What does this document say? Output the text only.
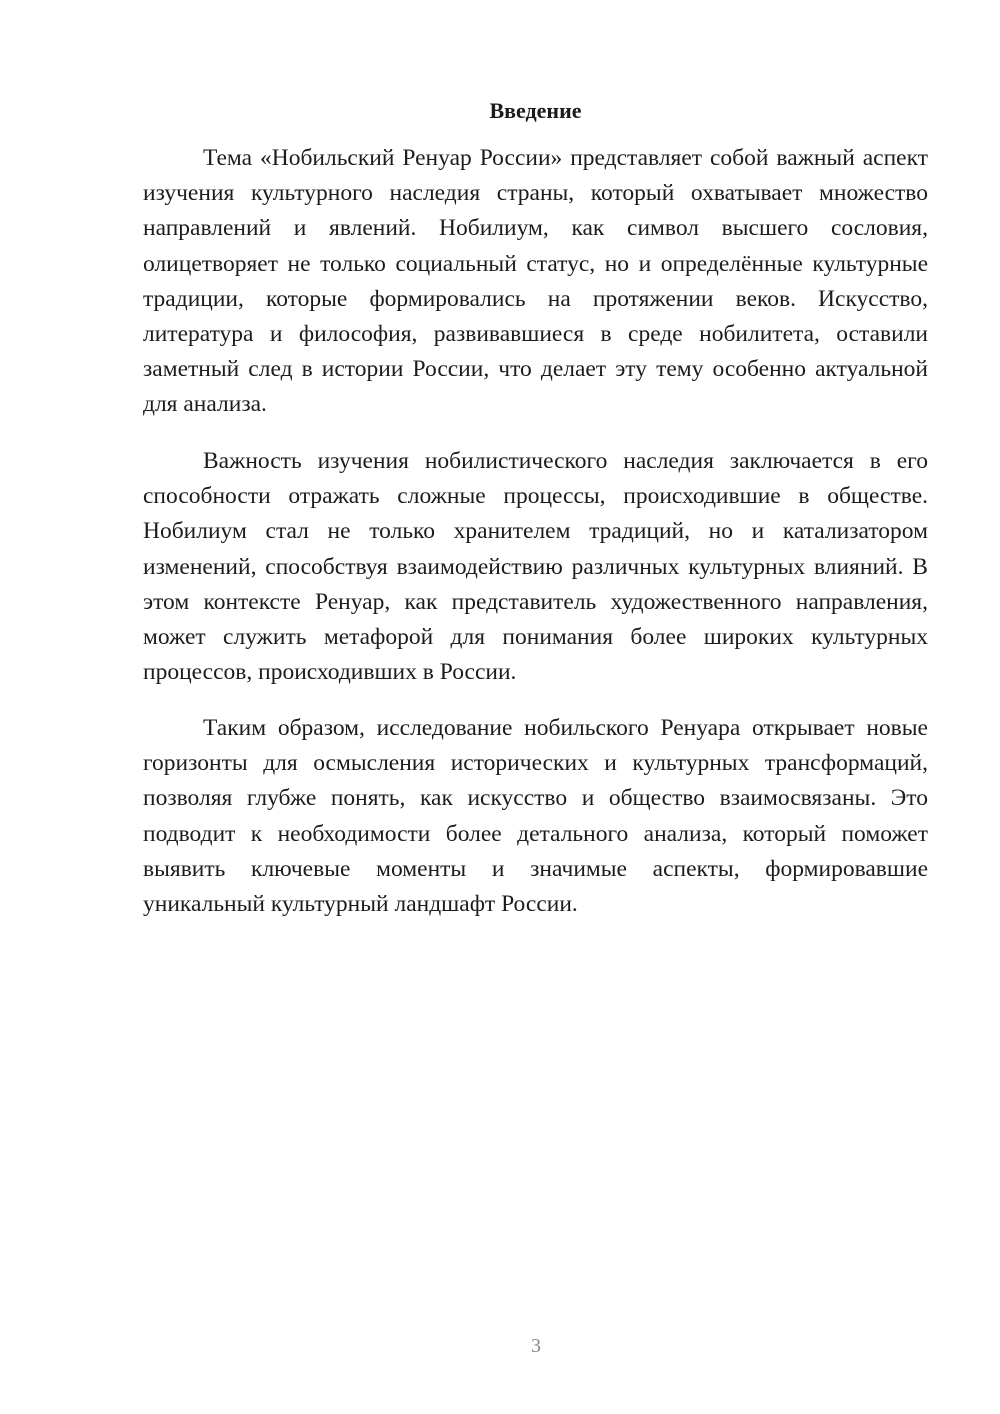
Введение

Тема «Нобильский Ренуар России» представляет собой важный аспект изучения культурного наследия страны, который охватывает множество направлений и явлений. Нобилиум, как символ высшего сословия, олицетворяет не только социальный статус, но и определённые культурные традиции, которые формировались на протяжении веков. Искусство, литература и философия, развивавшиеся в среде нобилитета, оставили заметный след в истории России, что делает эту тему особенно актуальной для анализа.

Важность изучения нобилистического наследия заключается в его способности отражать сложные процессы, происходившие в обществе. Нобилиум стал не только хранителем традиций, но и катализатором изменений, способствуя взаимодействию различных культурных влияний. В этом контексте Ренуар, как представитель художественного направления, может служить метафорой для понимания более широких культурных процессов, происходивших в России.

Таким образом, исследование нобильского Ренуара открывает новые горизонты для осмысления исторических и культурных трансформаций, позволяя глубже понять, как искусство и общество взаимосвязаны. Это подводит к необходимости более детального анализа, который поможет выявить ключевые моменты и значимые аспекты, формировавшие уникальный культурный ландшафт России.

3
